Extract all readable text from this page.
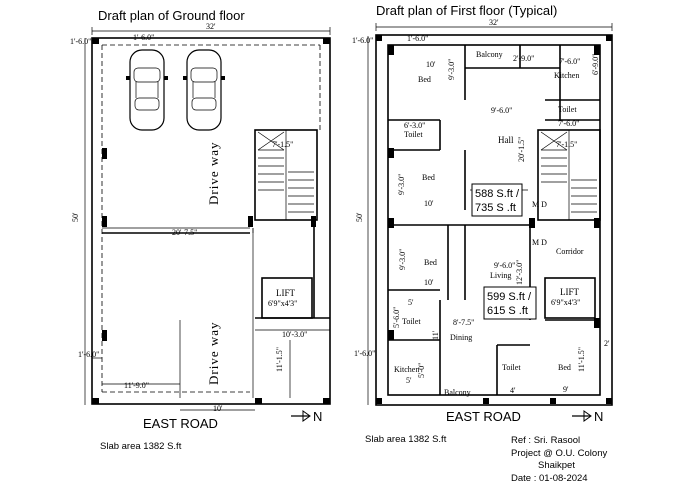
Draft plan of Ground floor
32'
50'
1'-6.0"	1'-6.0"
1'-6.0"
Drive way
Drive way
7'-1.5"
20'-7.5"
LIFT
6'9"x4'3"
10'-3.0"
11'-1.5"
11'-9.0"
10'
EAST ROAD	N
Slab area 1382 S.ft
Draft plan of First floor (Typical)
32'
50'
1'-6.0"	1'-6.0"
1'-6.0"
2'
Balcony 2'-9.0"	7'-6.0"
Kitchen
10'
Bed 9'-3.0"
9'-6.0"	Toilet
7'-6.0"
6'-9.0"
6'-3.0"
Toilet
Hall 20'-1.5"
Bed
9'-3.0"
10'
588 S.ft /
735 S .ft M D
M D
7'-1.5"
Bed
9'-3.0"
10'
9'-6.0"
Living 12'-3.0"
Corridor
599 S.ft /
615 S .ft
LIFT
6'9"x4'3"
5'
Toilet
5'-6.0"
11'
8'-7.5"
Dining
Kitchen
5'-0"
5'
Balcony
Toilet
4'
Bed 11'-1.5"
9'
EAST ROAD	N
Slab area 1382 S.ft	Ref : Sri. Rasool
Project @ O.U. Colony
Shaikpet
Date : 01-08-2024
